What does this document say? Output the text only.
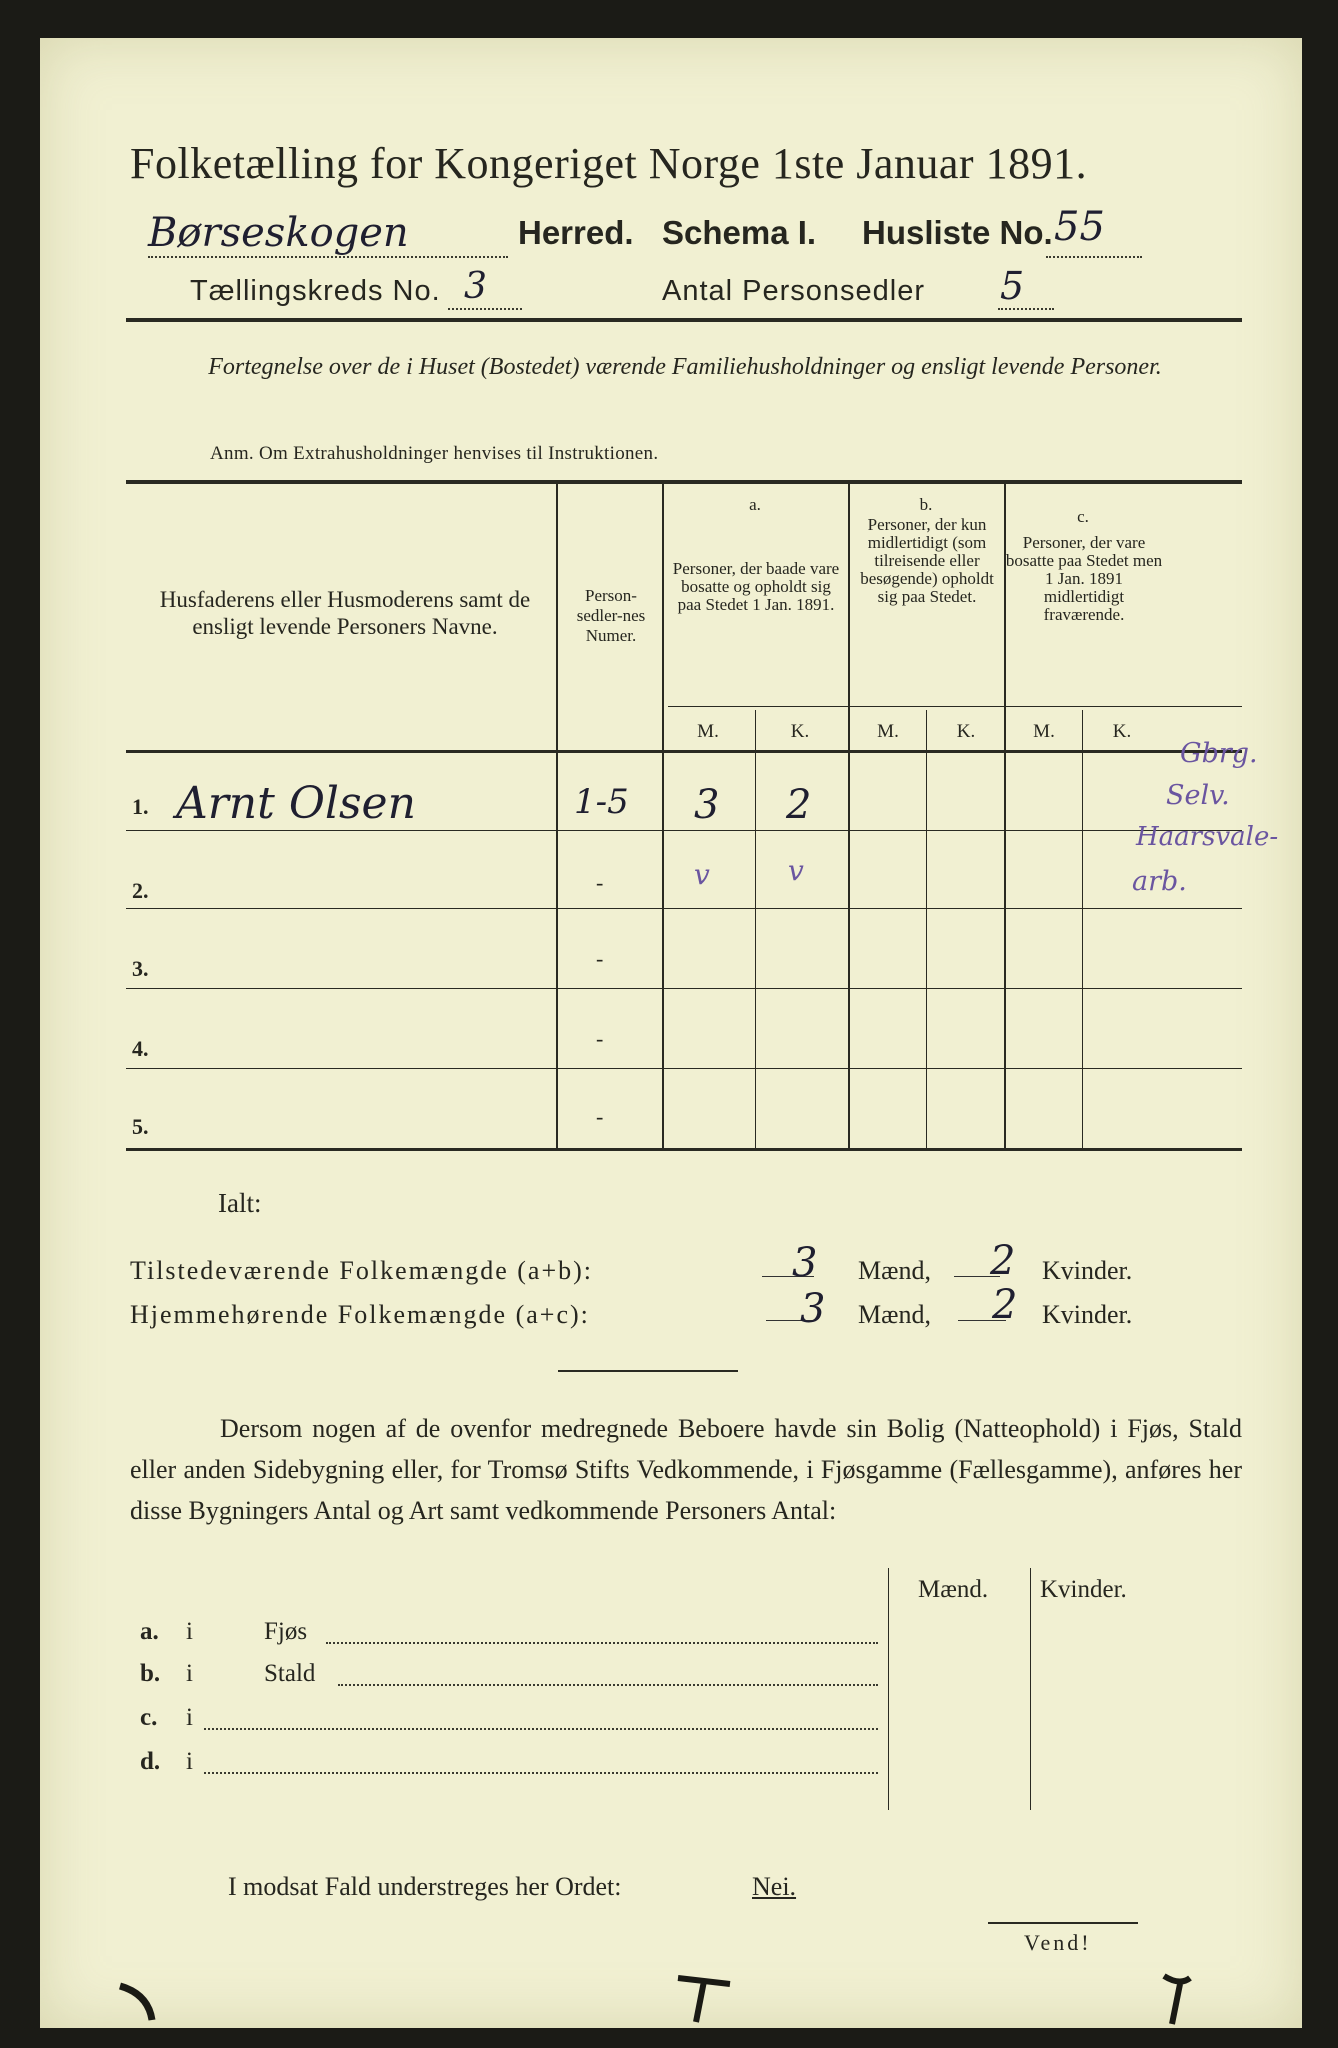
Folketælling for Kongeriget Norge 1ste Januar 1891.
Børseskogen	Herred. Schema I. Husliste No. 55
Tællingskreds No. 3	Antal Personsedler 5
Fortegnelse over de i Huset (Bostedet) værende Familiehusholdninger og ensligt levende Personer.
Anm. Om Extrahusholdninger henvises til Instruktionen.
Husfaderens eller Husmoderens samt de ensligt levende Personers Navne.
Person-sedler-nes Numer.
a.
Personer, der baade vare bosatte og opholdt sig paa Stedet 1 Jan. 1891.
b.
Personer, der kun midlertidigt (som tilreisende eller besøgende) opholdt sig paa Stedet.
c.
Personer, der vare bosatte paa Stedet men 1 Jan. 1891 midlertidigt fraværende.
M.	K.	M.	K.	M.	K.
1. Arnt Olsen	1-5 3 2
2.	-	v	v
3.	-
4.	-
5.	-
Gbrg.
Selv.
Haarsvale-
arb.
Ialt:
Tilstedeværende Folkemængde (a+b):	3 Mænd, 2 Kvinder.
Hjemmehørende Folkemængde (a+c):	3 Mænd, 2 Kvinder.
Dersom nogen af de ovenfor medregnede Beboere havde sin Bolig (Natteophold) i Fjøs, Stald eller anden Sidebygning eller, for Tromsø Stifts Vedkommende, i Fjøsgamme (Fællesgamme), anføres her disse Bygningers Antal og Art samt vedkommende Personers Antal:
Mænd. Kvinder.
a. i	Fjøs
b. i	Stald
c. i
d. i
I modsat Fald understreges her Ordet:	Nei.
Vend!
